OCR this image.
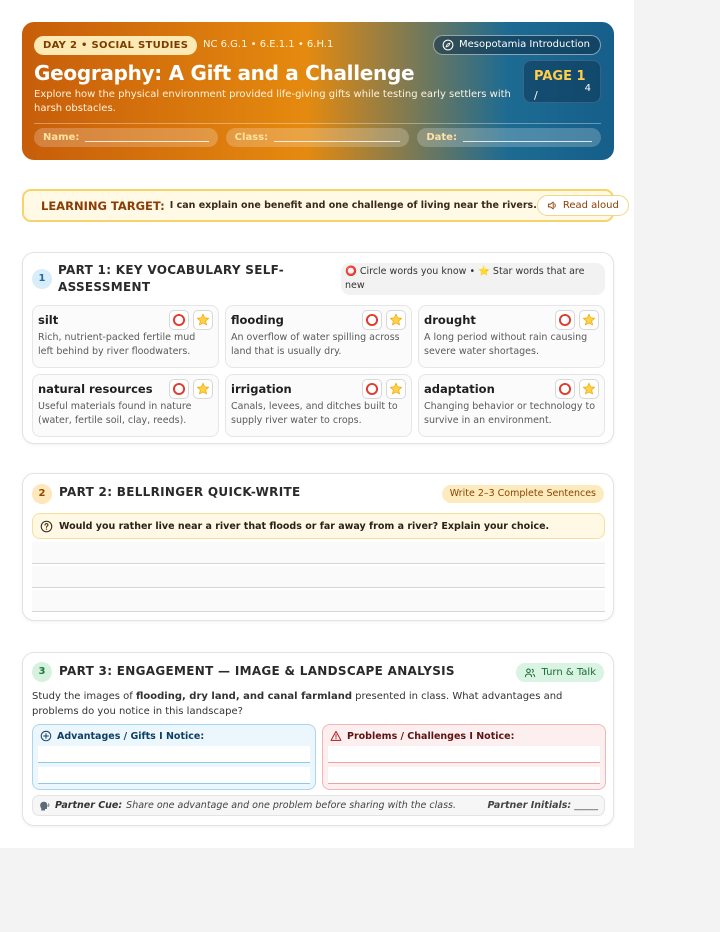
DAY 2 • SOCIAL STUDIES	NC 6.G.1 • 6.E.1.1 • 6.H.1	Mesopotamia Introduction
Geography: A Gift and a Challenge
Explore how the physical environment provided life-giving gifts while testing early settlers with harsh obstacles.
PAGE 1 /
4
Name:	Class:	Date:
LEARNING TARGET: I can explain one benefit and one challenge of living near the rivers.	Read aloud
1
PART 1: KEY VOCABULARY SELF-ASSESSMENT
⭕ Circle words you know • ⭐ Star words that are new
silt
Rich, nutrient-packed fertile mud left behind by river floodwaters.
flooding
An overflow of water spilling across land that is usually dry.
drought
A long period without rain causing severe water shortages.
natural resources
Useful materials found in nature (water, fertile soil, clay, reeds).
irrigation
Canals, levees, and ditches built to supply river water to crops.
adaptation
Changing behavior or technology to survive in an environment.
2	PART 2: BELLRINGER QUICK-WRITE	Write 2–3 Complete Sentences
Would you rather live near a river that floods or far away from a river? Explain your choice.
3	PART 3: ENGAGEMENT — IMAGE & LANDSCAPE ANALYSIS	Turn & Talk
Study the images of flooding, dry land, and canal farmland presented in class. What advantages and problems do you notice in this landscape?
Advantages / Gifts I Notice:	Problems / Challenges I Notice:
Partner Cue: Share one advantage and one problem before sharing with the class.	Partner Initials: _____
